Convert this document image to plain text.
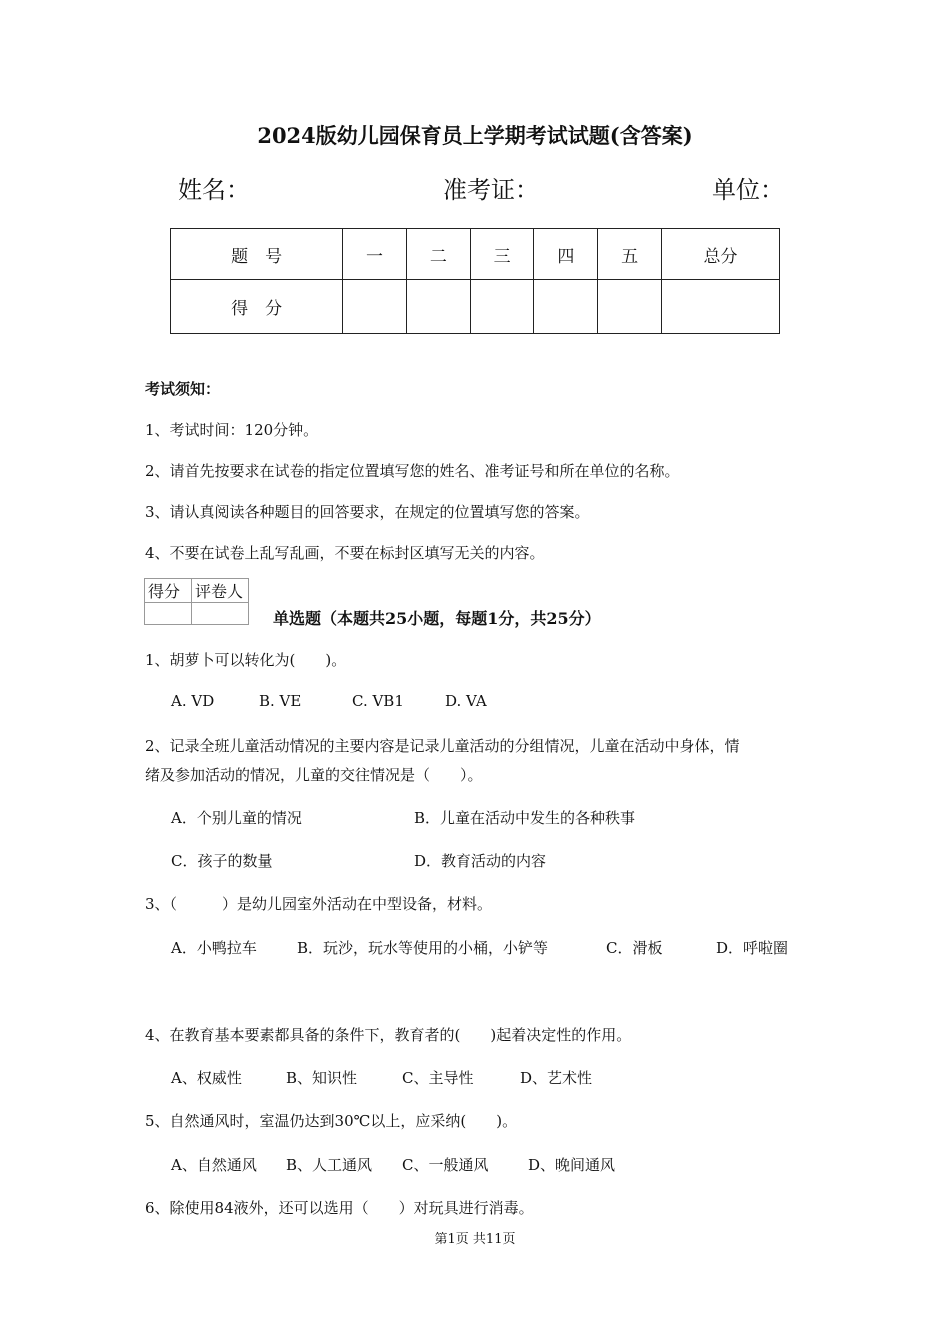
2024版幼儿园保育员上学期考试试题(含答案)
姓名：	准考证：	单位：
题　号	一	二	三	四	五	总分
得　分						
考试须知：
1、考试时间：120分钟。
2、请首先按要求在试卷的指定位置填写您的姓名、准考证号和所在单位的名称。
3、请认真阅读各种题目的回答要求，在规定的位置填写您的答案。
4、不要在试卷上乱写乱画，不要在标封区填写无关的内容。
得分	评卷人

单选题（本题共25小题，每题1分，共25分）
1、胡萝卜可以转化为(　　)。
A. VD	B. VE	C. VB1	D. VA
2、记录全班儿童活动情况的主要内容是记录儿童活动的分组情况，儿童在活动中身体，情
绪及参加活动的情况，儿童的交往情况是（　　）。
A．个别儿童的情况	B．儿童在活动中发生的各种秩事
C．孩子的数量	D．教育活动的内容
3、（　　　）是幼儿园室外活动在中型设备，材料。
A．小鸭拉车	B．玩沙，玩水等使用的小桶，小铲等	C．滑板	D．呼啦圈
4、在教育基本要素都具备的条件下，教育者的(　　)起着决定性的作用。
A、权威性	B、知识性	C、主导性	D、艺术性
5、自然通风时，室温仍达到30℃以上，应采纳(　　)。
A、自然通风 B、人工通风 C、一般通风	D、晚间通风
6、除使用84液外，还可以选用（　　）对玩具进行消毒。
第1页 共11页
